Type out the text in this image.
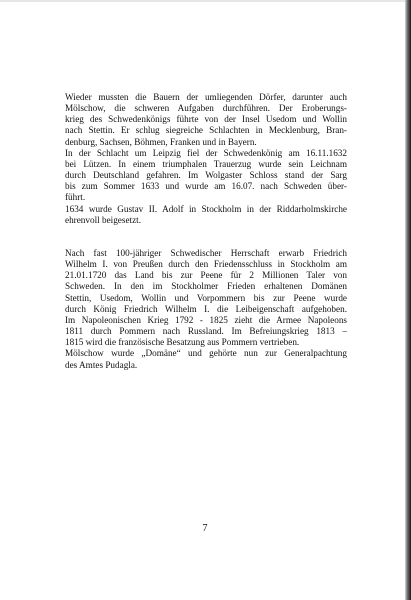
Wieder mussten die Bauern der umliegenden Dörfer, darunter auch
Mölschow, die schweren Aufgaben durchführen. Der Eroberungs-
krieg des Schwedenkönigs führte von der Insel Usedom und Wollin
nach Stettin. Er schlug siegreiche Schlachten in Mecklenburg, Bran-
denburg, Sachsen, Böhmen, Franken und in Bayern.
In der Schlacht um Leipzig fiel der Schwedenkönig am 16.11.1632
bei Lützen. In einem triumphalen Trauerzug wurde sein Leichnam
durch Deutschland gefahren. Im Wolgaster Schloss stand der Sarg
bis zum Sommer 1633 und wurde am 16.07. nach Schweden über-
führt.
1634 wurde Gustav II. Adolf in Stockholm in der Riddarholmskirche
ehrenvoll beigesetzt.
Nach fast 100-jähriger Schwedischer Herrschaft erwarb Friedrich
Wilhelm I. von Preußen durch den Friedensschluss in Stockholm am
21.01.1720 das Land bis zur Peene für 2 Millionen Taler von
Schweden. In den im Stockholmer Frieden erhaltenen Domänen
Stettin, Usedom, Wollin und Vorpommern bis zur Peene wurde
durch König Friedrich Wilhelm I. die Leibeigenschaft aufgehoben.
Im Napoleonischen Krieg 1792 - 1825 zieht die Armee Napoleons
1811 durch Pommern nach Russland. Im Befreiungskrieg 1813 –
1815 wird die französische Besatzung aus Pommern vertrieben.
Mölschow wurde „Domäne“ und gehörte nun zur Generalpachtung
des Amtes Pudagla.
7
